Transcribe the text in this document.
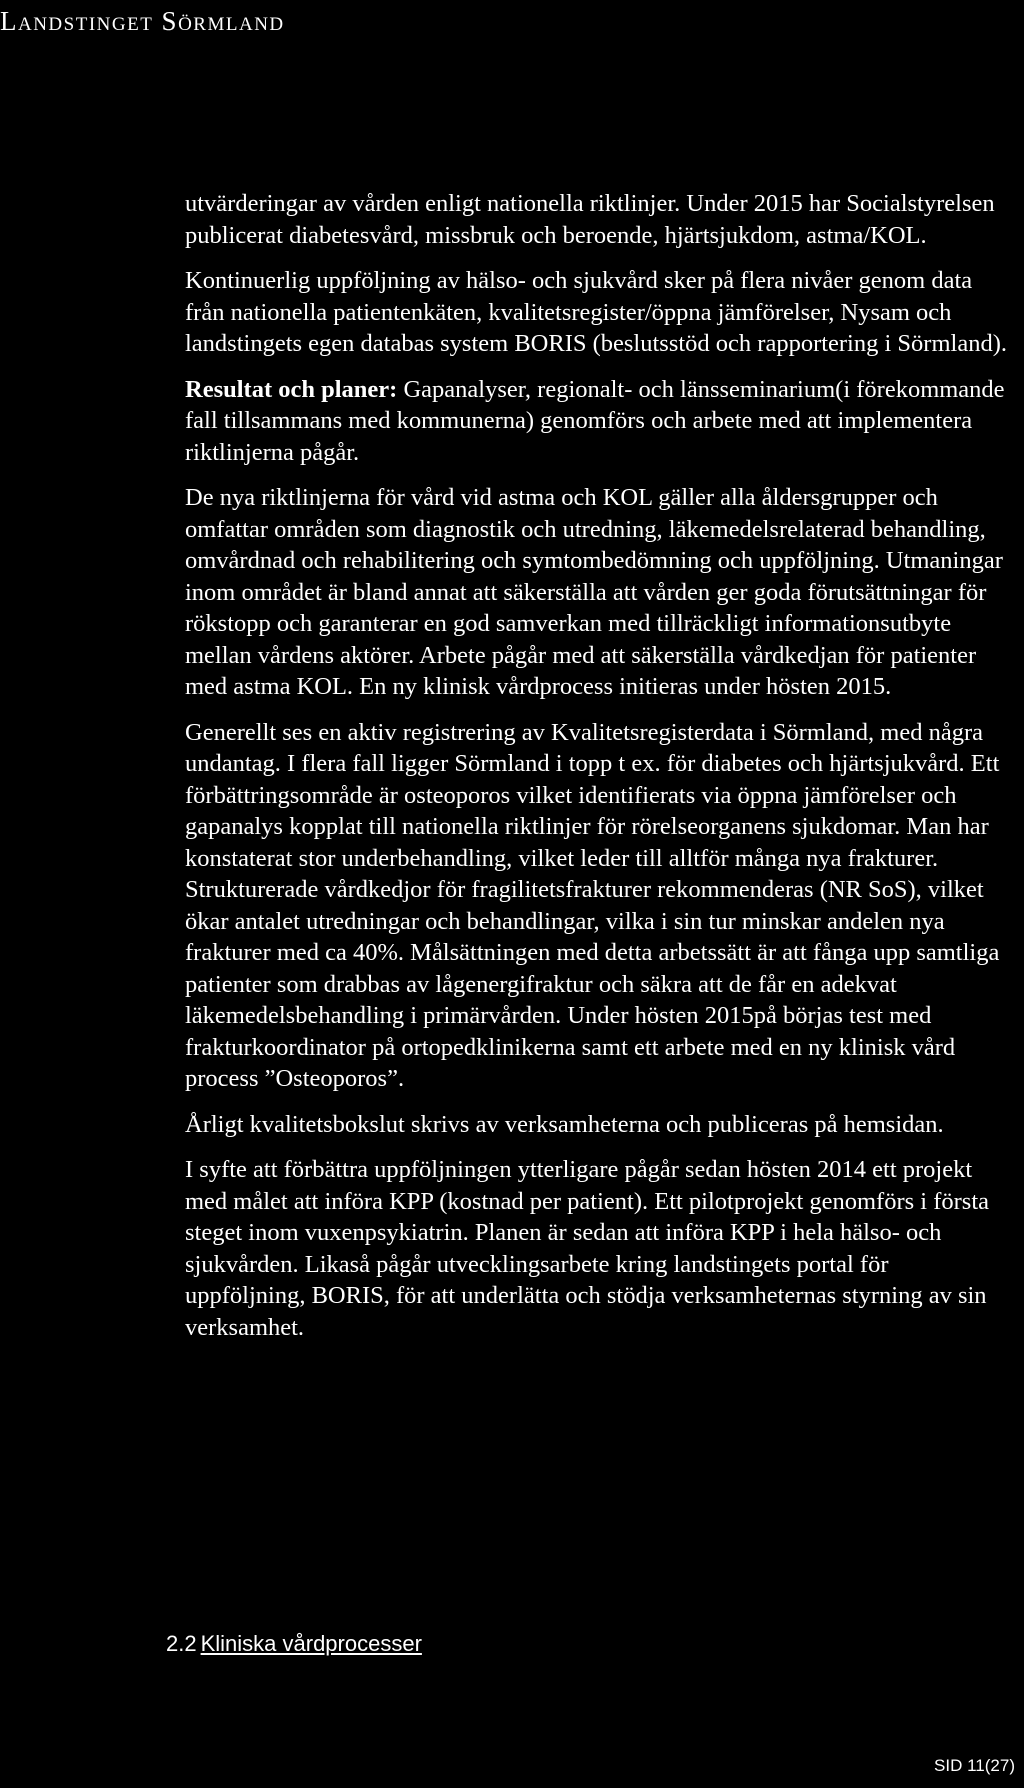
Landstinget Sörmland

utvärderingar av vården enligt nationella riktlinjer. Under 2015 har Socialstyrelsen publicerat diabetesvård, missbruk och beroende, hjärtsjukdom, astma/KOL.

Kontinuerlig uppföljning av hälso- och sjukvård sker på flera nivåer genom data från nationella patientenkäten, kvalitetsregister/öppna jämförelser, Nysam och landstingets egen databas system BORIS (beslutsstöd och rapportering i Sörmland).

Resultat och planer: Gapanalyser, regionalt- och länsseminarium(i förekommande fall tillsammans med kommunerna) genomförs och arbete med att implementera riktlinjerna pågår.

De nya riktlinjerna för vård vid astma och KOL gäller alla åldersgrupper och omfattar områden som diagnostik och utredning, läkemedelsrelaterad behandling, omvårdnad och rehabilitering och symtombedömning och uppföljning. Utmaningar inom området är bland annat att säkerställa att vården ger goda förutsättningar för rökstopp och garanterar en god samverkan med tillräckligt informationsutbyte mellan vårdens aktörer. Arbete pågår med att säkerställa vårdkedjan för patienter med astma KOL. En ny klinisk vårdprocess initieras under hösten 2015.

Generellt ses en aktiv registrering av Kvalitetsregisterdata i Sörmland, med några undantag. I flera fall ligger Sörmland i topp t ex. för diabetes och hjärtsjukvård. Ett förbättringsområde är osteoporos vilket identifierats via öppna jämförelser och gapanalys kopplat till nationella riktlinjer för rörelseorganens sjukdomar. Man har konstaterat stor underbehandling, vilket leder till alltför många nya frakturer. Strukturerade vårdkedjor för fragilitetsfrakturer rekommenderas (NR SoS), vilket ökar antalet utredningar och behandlingar, vilka i sin tur minskar andelen nya frakturer med ca 40%. Målsättningen med detta arbetssätt är att fånga upp samtliga patienter som drabbas av lågenergifraktur och säkra att de får en adekvat läkemedelsbehandling i primärvården. Under hösten 2015på börjas test med frakturkoordinator på ortopedklinikerna samt ett arbete med en ny klinisk vård process ”Osteoporos”.

Årligt kvalitetsbokslut skrivs av verksamheterna och publiceras på hemsidan.

I syfte att förbättra uppföljningen ytterligare pågår sedan hösten 2014 ett projekt med målet att införa KPP (kostnad per patient). Ett pilotprojekt genomförs i första steget inom vuxenpsykiatrin. Planen är sedan att införa KPP i hela hälso- och sjukvården. Likaså pågår utvecklingsarbete kring landstingets portal för uppföljning, BORIS, för att underlätta och stödja verksamheternas styrning av sin verksamhet.

2.2 Kliniska vårdprocesser
SID 11(27)
